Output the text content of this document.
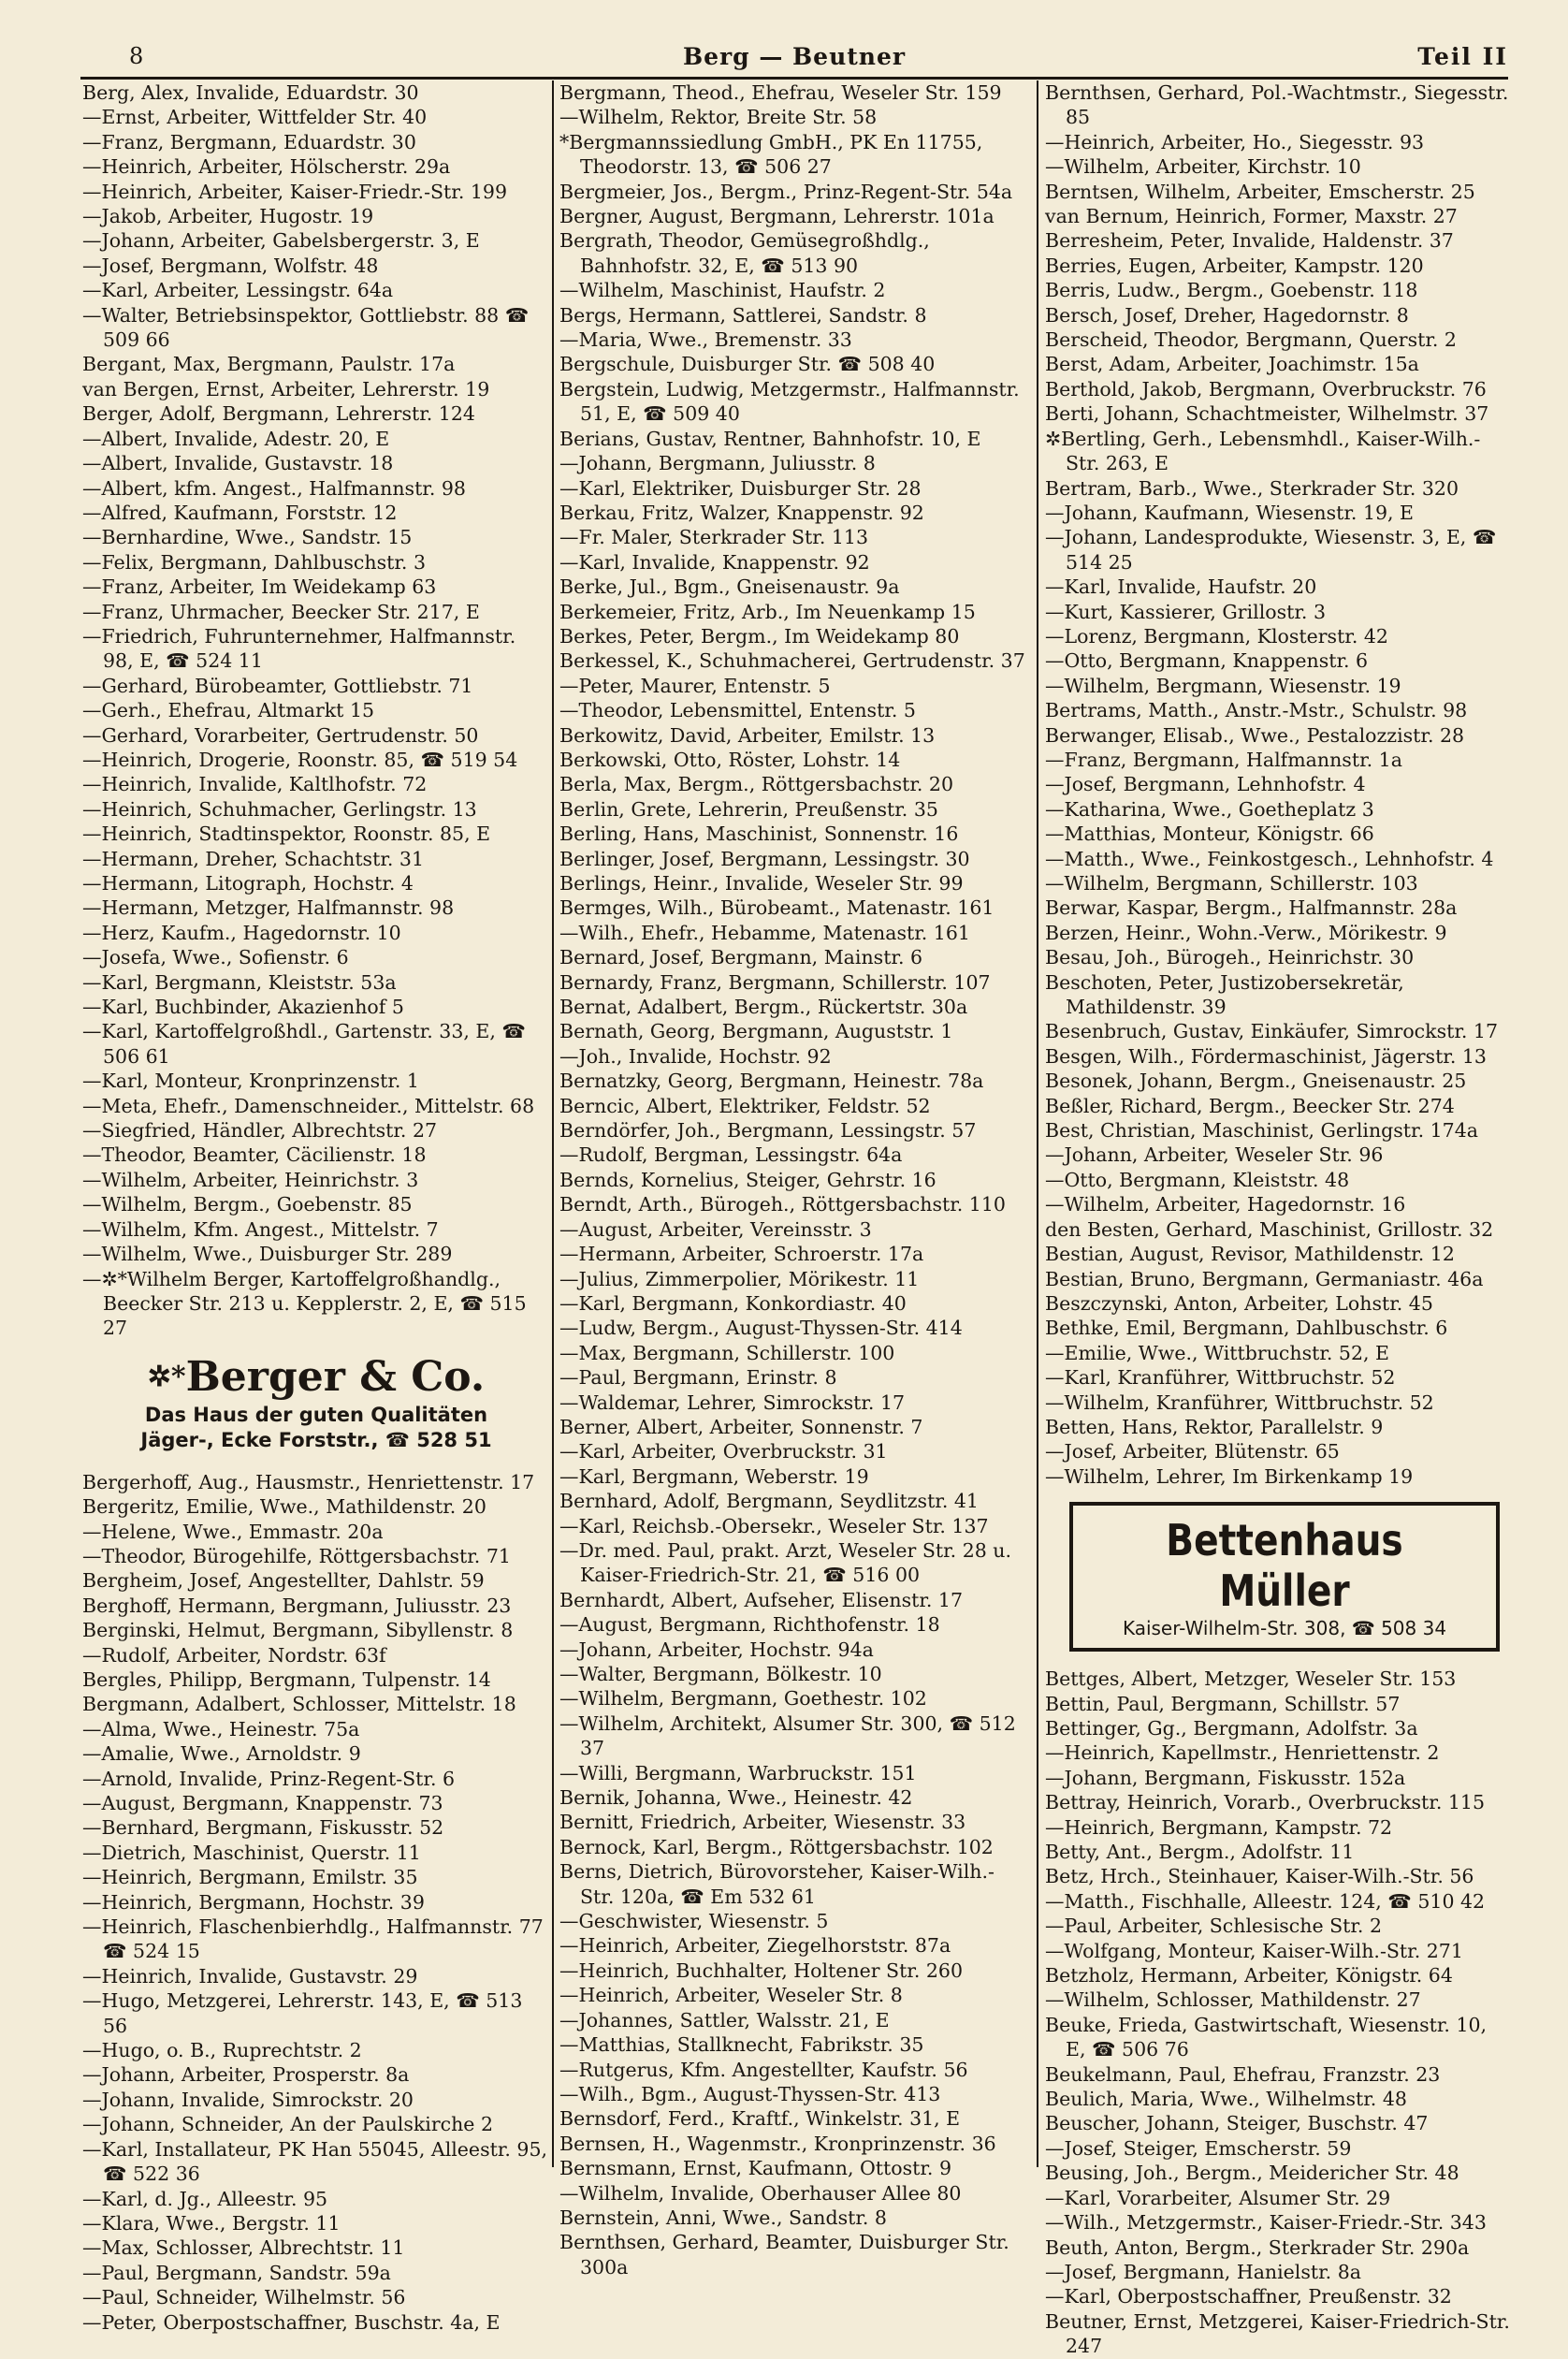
8	Berg — Beutner	Teil II

Berg, Alex, Invalide, Eduardstr. 30

—Ernst, Arbeiter, Wittfelder Str. 40

—Franz, Bergmann, Eduardstr. 30

—Heinrich, Arbeiter, Hölscherstr. 29a

—Heinrich, Arbeiter, Kaiser-Friedr.-Str. 199

—Jakob, Arbeiter, Hugostr. 19

—Johann, Arbeiter, Gabelsbergerstr. 3, E

—Josef, Bergmann, Wolfstr. 48

—Karl, Arbeiter, Lessingstr. 64a

—Walter, Betriebsinspektor, Gottliebstr. 88 ☎ 509 66

Bergant, Max, Bergmann, Paulstr. 17a

van Bergen, Ernst, Arbeiter, Lehrerstr. 19

Berger, Adolf, Bergmann, Lehrerstr. 124

—Albert, Invalide, Adestr. 20, E

—Albert, Invalide, Gustavstr. 18

—Albert, kfm. Angest., Halfmannstr. 98

—Alfred, Kaufmann, Forststr. 12

—Bernhardine, Wwe., Sandstr. 15

—Felix, Bergmann, Dahlbuschstr. 3

—Franz, Arbeiter, Im Weidekamp 63

—Franz, Uhrmacher, Beecker Str. 217, E

—Friedrich, Fuhrunternehmer, Halfmannstr. 98, E, ☎ 524 11

—Gerhard, Bürobeamter, Gottliebstr. 71

—Gerh., Ehefrau, Altmarkt 15

—Gerhard, Vorarbeiter, Gertrudenstr. 50

—Heinrich, Drogerie, Roonstr. 85, ☎ 519 54

—Heinrich, Invalide, Kaltlhofstr. 72

—Heinrich, Schuhmacher, Gerlingstr. 13

—Heinrich, Stadtinspektor, Roonstr. 85, E

—Hermann, Dreher, Schachtstr. 31

—Hermann, Litograph, Hochstr. 4

—Hermann, Metzger, Halfmannstr. 98

—Herz, Kaufm., Hagedornstr. 10

—Josefa, Wwe., Sofienstr. 6

—Karl, Bergmann, Kleiststr. 53a

—Karl, Buchbinder, Akazienhof 5

—Karl, Kartoffelgroßhdl., Gartenstr. 33, E, ☎ 506 61

—Karl, Monteur, Kronprinzenstr. 1

—Meta, Ehefr., Damenschneider., Mittelstr. 68

—Siegfried, Händler, Albrechtstr. 27

—Theodor, Beamter, Cäcilienstr. 18

—Wilhelm, Arbeiter, Heinrichstr. 3

—Wilhelm, Bergm., Goebenstr. 85

—Wilhelm, Kfm. Angest., Mittelstr. 7

—Wilhelm, Wwe., Duisburger Str. 289

—✲*Wilhelm Berger, Kartoffelgroßhandlg., Beecker Str. 213 u. Kepplerstr. 2, E, ☎ 515 27

✲*Berger & Co.
Das Haus der guten Qualitäten
Jäger-, Ecke Forststr., ☎ 528 51

Bergerhoff, Aug., Hausmstr., Henriettenstr. 17

Bergeritz, Emilie, Wwe., Mathildenstr. 20

—Helene, Wwe., Emmastr. 20a

—Theodor, Bürogehilfe, Röttgersbachstr. 71

Bergheim, Josef, Angestellter, Dahlstr. 59

Berghoff, Hermann, Bergmann, Juliusstr. 23

Berginski, Helmut, Bergmann, Sibyllenstr. 8

—Rudolf, Arbeiter, Nordstr. 63f

Bergles, Philipp, Bergmann, Tulpenstr. 14

Bergmann, Adalbert, Schlosser, Mittelstr. 18

—Alma, Wwe., Heinestr. 75a

—Amalie, Wwe., Arnoldstr. 9

—Arnold, Invalide, Prinz-Regent-Str. 6

—August, Bergmann, Knappenstr. 73

—Bernhard, Bergmann, Fiskusstr. 52

—Dietrich, Maschinist, Querstr. 11

—Heinrich, Bergmann, Emilstr. 35

—Heinrich, Bergmann, Hochstr. 39

—Heinrich, Flaschenbierhdlg., Halfmannstr. 77 ☎ 524 15

—Heinrich, Invalide, Gustavstr. 29

—Hugo, Metzgerei, Lehrerstr. 143, E, ☎ 513 56

—Hugo, o. B., Ruprechtstr. 2

—Johann, Arbeiter, Prosperstr. 8a

—Johann, Invalide, Simrockstr. 20

—Johann, Schneider, An der Paulskirche 2

—Karl, Installateur, PK Han 55045, Alleestr. 95, ☎ 522 36

—Karl, d. Jg., Alleestr. 95

—Klara, Wwe., Bergstr. 11

—Max, Schlosser, Albrechtstr. 11

—Paul, Bergmann, Sandstr. 59a

—Paul, Schneider, Wilhelmstr. 56

—Peter, Oberpostschaffner, Buschstr. 4a, E

Bergmann, Theod., Ehefrau, Weseler Str. 159

—Wilhelm, Rektor, Breite Str. 58

*Bergmannssiedlung GmbH., PK En 11755, Theodorstr. 13, ☎ 506 27

Bergmeier, Jos., Bergm., Prinz-Regent-Str. 54a

Bergner, August, Bergmann, Lehrerstr. 101a

Bergrath, Theodor, Gemüsegroßhdlg., Bahnhofstr. 32, E, ☎ 513 90

—Wilhelm, Maschinist, Haufstr. 2

Bergs, Hermann, Sattlerei, Sandstr. 8

—Maria, Wwe., Bremenstr. 33

Bergschule, Duisburger Str. ☎ 508 40

Bergstein, Ludwig, Metzgermstr., Halfmannstr. 51, E, ☎ 509 40

Berians, Gustav, Rentner, Bahnhofstr. 10, E

—Johann, Bergmann, Juliusstr. 8

—Karl, Elektriker, Duisburger Str. 28

Berkau, Fritz, Walzer, Knappenstr. 92

—Fr. Maler, Sterkrader Str. 113

—Karl, Invalide, Knappenstr. 92

Berke, Jul., Bgm., Gneisenaustr. 9a

Berkemeier, Fritz, Arb., Im Neuenkamp 15

Berkes, Peter, Bergm., Im Weidekamp 80

Berkessel, K., Schuhmacherei, Gertrudenstr. 37

—Peter, Maurer, Entenstr. 5

—Theodor, Lebensmittel, Entenstr. 5

Berkowitz, David, Arbeiter, Emilstr. 13

Berkowski, Otto, Röster, Lohstr. 14

Berla, Max, Bergm., Röttgersbachstr. 20

Berlin, Grete, Lehrerin, Preußenstr. 35

Berling, Hans, Maschinist, Sonnenstr. 16

Berlinger, Josef, Bergmann, Lessingstr. 30

Berlings, Heinr., Invalide, Weseler Str. 99

Bermges, Wilh., Bürobeamt., Matenastr. 161

—Wilh., Ehefr., Hebamme, Matenastr. 161

Bernard, Josef, Bergmann, Mainstr. 6

Bernardy, Franz, Bergmann, Schillerstr. 107

Bernat, Adalbert, Bergm., Rückertstr. 30a

Bernath, Georg, Bergmann, Auguststr. 1

—Joh., Invalide, Hochstr. 92

Bernatzky, Georg, Bergmann, Heinestr. 78a

Berncic, Albert, Elektriker, Feldstr. 52

Berndörfer, Joh., Bergmann, Lessingstr. 57

—Rudolf, Bergman, Lessingstr. 64a

Bernds, Kornelius, Steiger, Gehrstr. 16

Berndt, Arth., Bürogeh., Röttgersbachstr. 110

—August, Arbeiter, Vereinsstr. 3

—Hermann, Arbeiter, Schroerstr. 17a

—Julius, Zimmerpolier, Mörikestr. 11

—Karl, Bergmann, Konkordiastr. 40

—Ludw, Bergm., August-Thyssen-Str. 414

—Max, Bergmann, Schillerstr. 100

—Paul, Bergmann, Erinstr. 8

—Waldemar, Lehrer, Simrockstr. 17

Berner, Albert, Arbeiter, Sonnenstr. 7

—Karl, Arbeiter, Overbruckstr. 31

—Karl, Bergmann, Weberstr. 19

Bernhard, Adolf, Bergmann, Seydlitzstr. 41

—Karl, Reichsb.-Obersekr., Weseler Str. 137

—Dr. med. Paul, prakt. Arzt, Weseler Str. 28 u. Kaiser-Friedrich-Str. 21, ☎ 516 00

Bernhardt, Albert, Aufseher, Elisenstr. 17

—August, Bergmann, Richthofenstr. 18

—Johann, Arbeiter, Hochstr. 94a

—Walter, Bergmann, Bölkestr. 10

—Wilhelm, Bergmann, Goethestr. 102

—Wilhelm, Architekt, Alsumer Str. 300, ☎ 512 37

—Willi, Bergmann, Warbruckstr. 151

Bernik, Johanna, Wwe., Heinestr. 42

Bernitt, Friedrich, Arbeiter, Wiesenstr. 33

Bernock, Karl, Bergm., Röttgersbachstr. 102

Berns, Dietrich, Bürovorsteher, Kaiser-Wilh.-Str. 120a, ☎ Em 532 61

—Geschwister, Wiesenstr. 5

—Heinrich, Arbeiter, Ziegelhorststr. 87a

—Heinrich, Buchhalter, Holtener Str. 260

—Heinrich, Arbeiter, Weseler Str. 8

—Johannes, Sattler, Walsstr. 21, E

—Matthias, Stallknecht, Fabrikstr. 35

—Rutgerus, Kfm. Angestellter, Kaufstr. 56

—Wilh., Bgm., August-Thyssen-Str. 413

Bernsdorf, Ferd., Kraftf., Winkelstr. 31, E

Bernsen, H., Wagenmstr., Kronprinzenstr. 36

Bernsmann, Ernst, Kaufmann, Ottostr. 9

—Wilhelm, Invalide, Oberhauser Allee 80

Bernstein, Anni, Wwe., Sandstr. 8

Bernthsen, Gerhard, Beamter, Duisburger Str. 300a

Bernthsen, Gerhard, Pol.-Wachtmstr., Siegesstr. 85

—Heinrich, Arbeiter, Ho., Siegesstr. 93

—Wilhelm, Arbeiter, Kirchstr. 10

Berntsen, Wilhelm, Arbeiter, Emscherstr. 25

van Bernum, Heinrich, Former, Maxstr. 27

Berresheim, Peter, Invalide, Haldenstr. 37

Berries, Eugen, Arbeiter, Kampstr. 120

Berris, Ludw., Bergm., Goebenstr. 118

Bersch, Josef, Dreher, Hagedornstr. 8

Berscheid, Theodor, Bergmann, Querstr. 2

Berst, Adam, Arbeiter, Joachimstr. 15a

Berthold, Jakob, Bergmann, Overbruckstr. 76

Berti, Johann, Schachtmeister, Wilhelmstr. 37

✲Bertling, Gerh., Lebensmhdl., Kaiser-Wilh.-Str. 263, E

Bertram, Barb., Wwe., Sterkrader Str. 320

—Johann, Kaufmann, Wiesenstr. 19, E

—Johann, Landesprodukte, Wiesenstr. 3, E, ☎ 514 25

—Karl, Invalide, Haufstr. 20

—Kurt, Kassierer, Grillostr. 3

—Lorenz, Bergmann, Klosterstr. 42

—Otto, Bergmann, Knappenstr. 6

—Wilhelm, Bergmann, Wiesenstr. 19

Bertrams, Matth., Anstr.-Mstr., Schulstr. 98

Berwanger, Elisab., Wwe., Pestalozzistr. 28

—Franz, Bergmann, Halfmannstr. 1a

—Josef, Bergmann, Lehnhofstr. 4

—Katharina, Wwe., Goetheplatz 3

—Matthias, Monteur, Königstr. 66

—Matth., Wwe., Feinkostgesch., Lehnhofstr. 4

—Wilhelm, Bergmann, Schillerstr. 103

Berwar, Kaspar, Bergm., Halfmannstr. 28a

Berzen, Heinr., Wohn.-Verw., Mörikestr. 9

Besau, Joh., Bürogeh., Heinrichstr. 30

Beschoten, Peter, Justizobersekretär, Mathildenstr. 39

Besenbruch, Gustav, Einkäufer, Simrockstr. 17

Besgen, Wilh., Fördermaschinist, Jägerstr. 13

Besonek, Johann, Bergm., Gneisenaustr. 25

Beßler, Richard, Bergm., Beecker Str. 274

Best, Christian, Maschinist, Gerlingstr. 174a

—Johann, Arbeiter, Weseler Str. 96

—Otto, Bergmann, Kleiststr. 48

—Wilhelm, Arbeiter, Hagedornstr. 16

den Besten, Gerhard, Maschinist, Grillostr. 32

Bestian, August, Revisor, Mathildenstr. 12

Bestian, Bruno, Bergmann, Germaniastr. 46a

Beszczynski, Anton, Arbeiter, Lohstr. 45

Bethke, Emil, Bergmann, Dahlbuschstr. 6

—Emilie, Wwe., Wittbruchstr. 52, E

—Karl, Kranführer, Wittbruchstr. 52

—Wilhelm, Kranführer, Wittbruchstr. 52

Betten, Hans, Rektor, Parallelstr. 9

—Josef, Arbeiter, Blütenstr. 65

—Wilhelm, Lehrer, Im Birkenkamp 19

Bettenhaus Müller
Kaiser-Wilhelm-Str. 308, ☎ 508 34

Bettges, Albert, Metzger, Weseler Str. 153

Bettin, Paul, Bergmann, Schillstr. 57

Bettinger, Gg., Bergmann, Adolfstr. 3a

—Heinrich, Kapellmstr., Henriettenstr. 2

—Johann, Bergmann, Fiskusstr. 152a

Bettray, Heinrich, Vorarb., Overbruckstr. 115

—Heinrich, Bergmann, Kampstr. 72

Betty, Ant., Bergm., Adolfstr. 11

Betz, Hrch., Steinhauer, Kaiser-Wilh.-Str. 56

—Matth., Fischhalle, Alleestr. 124, ☎ 510 42

—Paul, Arbeiter, Schlesische Str. 2

—Wolfgang, Monteur, Kaiser-Wilh.-Str. 271

Betzholz, Hermann, Arbeiter, Königstr. 64

—Wilhelm, Schlosser, Mathildenstr. 27

Beuke, Frieda, Gastwirtschaft, Wiesenstr. 10, E, ☎ 506 76

Beukelmann, Paul, Ehefrau, Franzstr. 23

Beulich, Maria, Wwe., Wilhelmstr. 48

Beuscher, Johann, Steiger, Buschstr. 47

—Josef, Steiger, Emscherstr. 59

Beusing, Joh., Bergm., Meidericher Str. 48

—Karl, Vorarbeiter, Alsumer Str. 29

—Wilh., Metzgermstr., Kaiser-Friedr.-Str. 343

Beuth, Anton, Bergm., Sterkrader Str. 290a

—Josef, Bergmann, Hanielstr. 8a

—Karl, Oberpostschaffner, Preußenstr. 32

Beutner, Ernst, Metzgerei, Kaiser-Friedrich-Str. 247
